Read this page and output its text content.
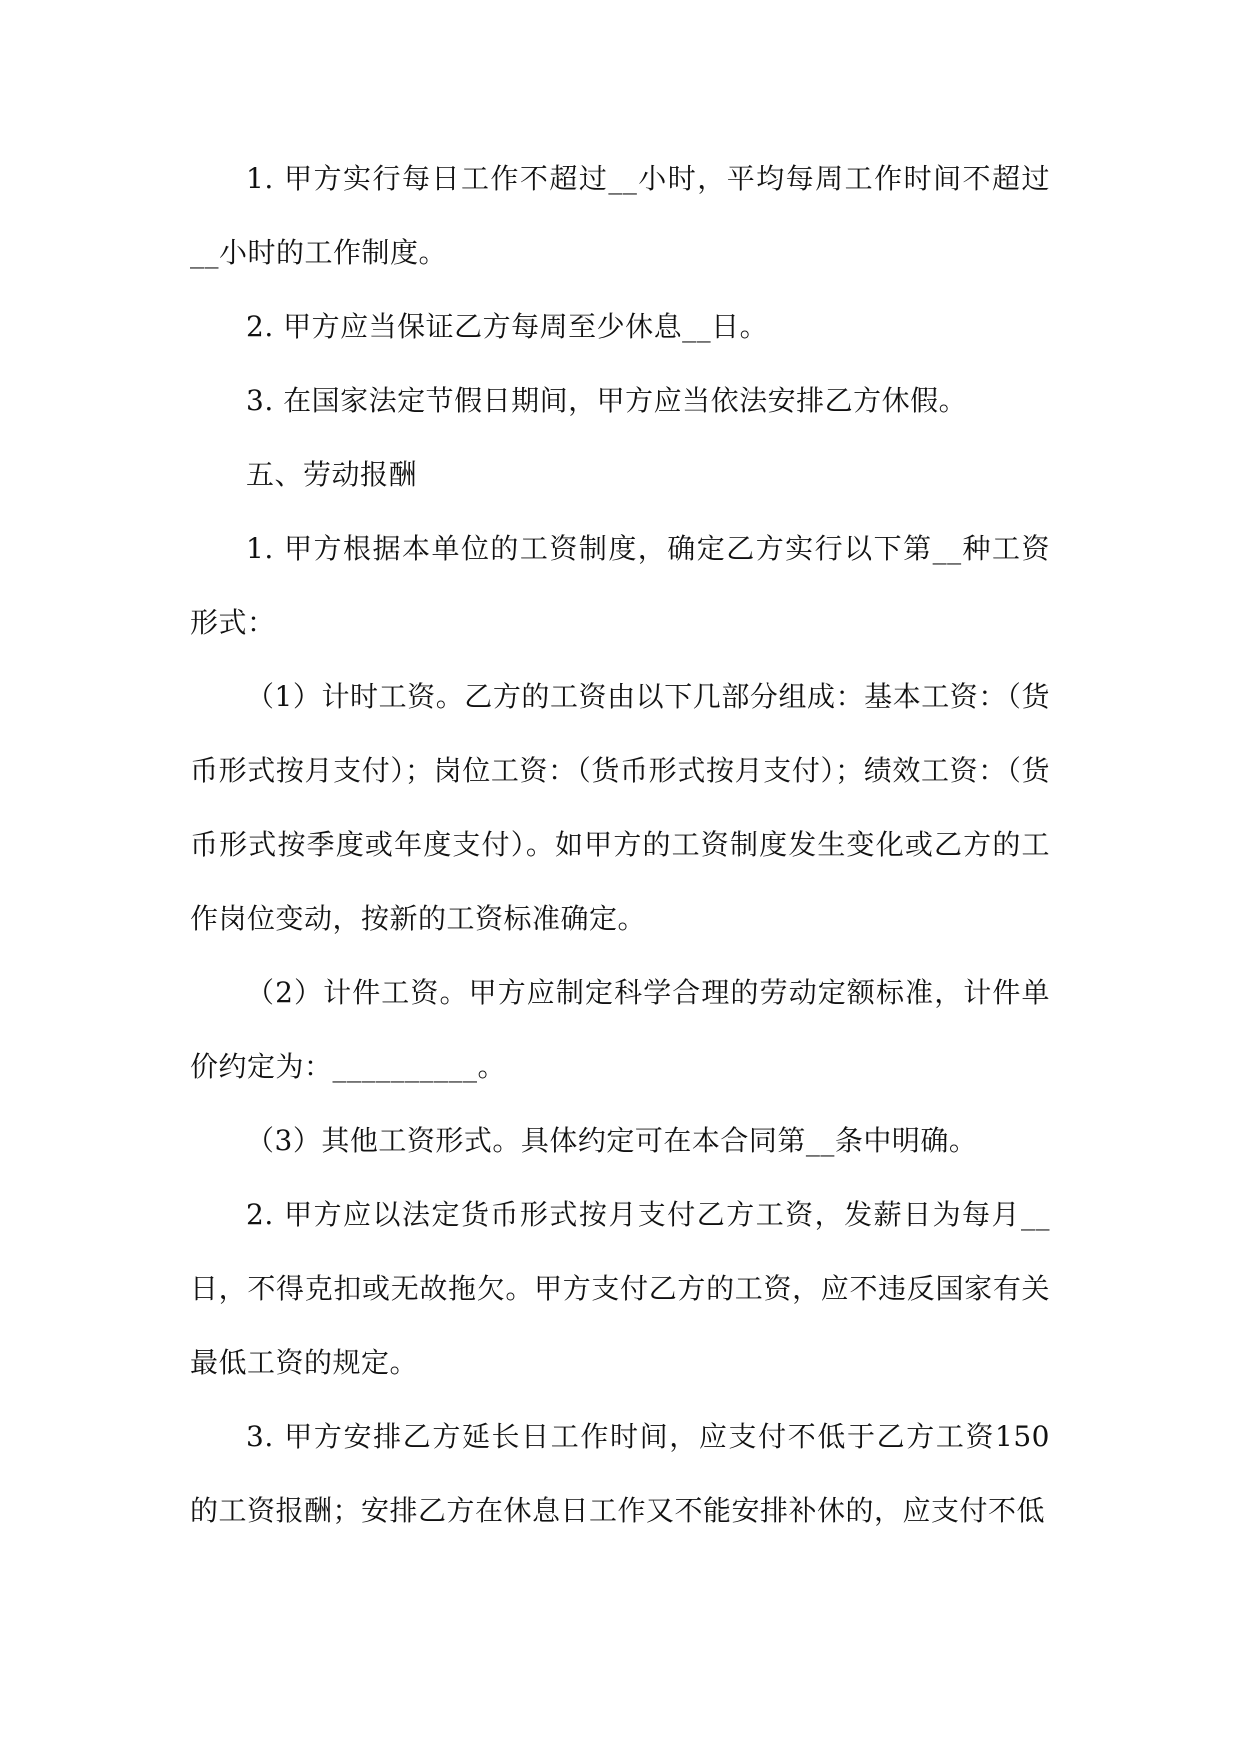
1. 甲方实行每日工作不超过__小时，平均每周工作时间不超过__小时的工作制度。

2. 甲方应当保证乙方每周至少休息__日。

3. 在国家法定节假日期间，甲方应当依法安排乙方休假。

五、劳动报酬

1. 甲方根据本单位的工资制度，确定乙方实行以下第__种工资形式：

（1）计时工资。乙方的工资由以下几部分组成：基本工资：（货币形式按月支付）；岗位工资：（货币形式按月支付）；绩效工资：（货币形式按季度或年度支付）。如甲方的工资制度发生变化或乙方的工作岗位变动，按新的工资标准确定。

（2）计件工资。甲方应制定科学合理的劳动定额标准，计件单价约定为：__________。

（3）其他工资形式。具体约定可在本合同第__条中明确。

2. 甲方应以法定货币形式按月支付乙方工资，发薪日为每月__日，不得克扣或无故拖欠。甲方支付乙方的工资，应不违反国家有关最低工资的规定。

3. 甲方安排乙方延长日工作时间，应支付不低于乙方工资150的工资报酬；安排乙方在休息日工作又不能安排补休的，应支付不低
